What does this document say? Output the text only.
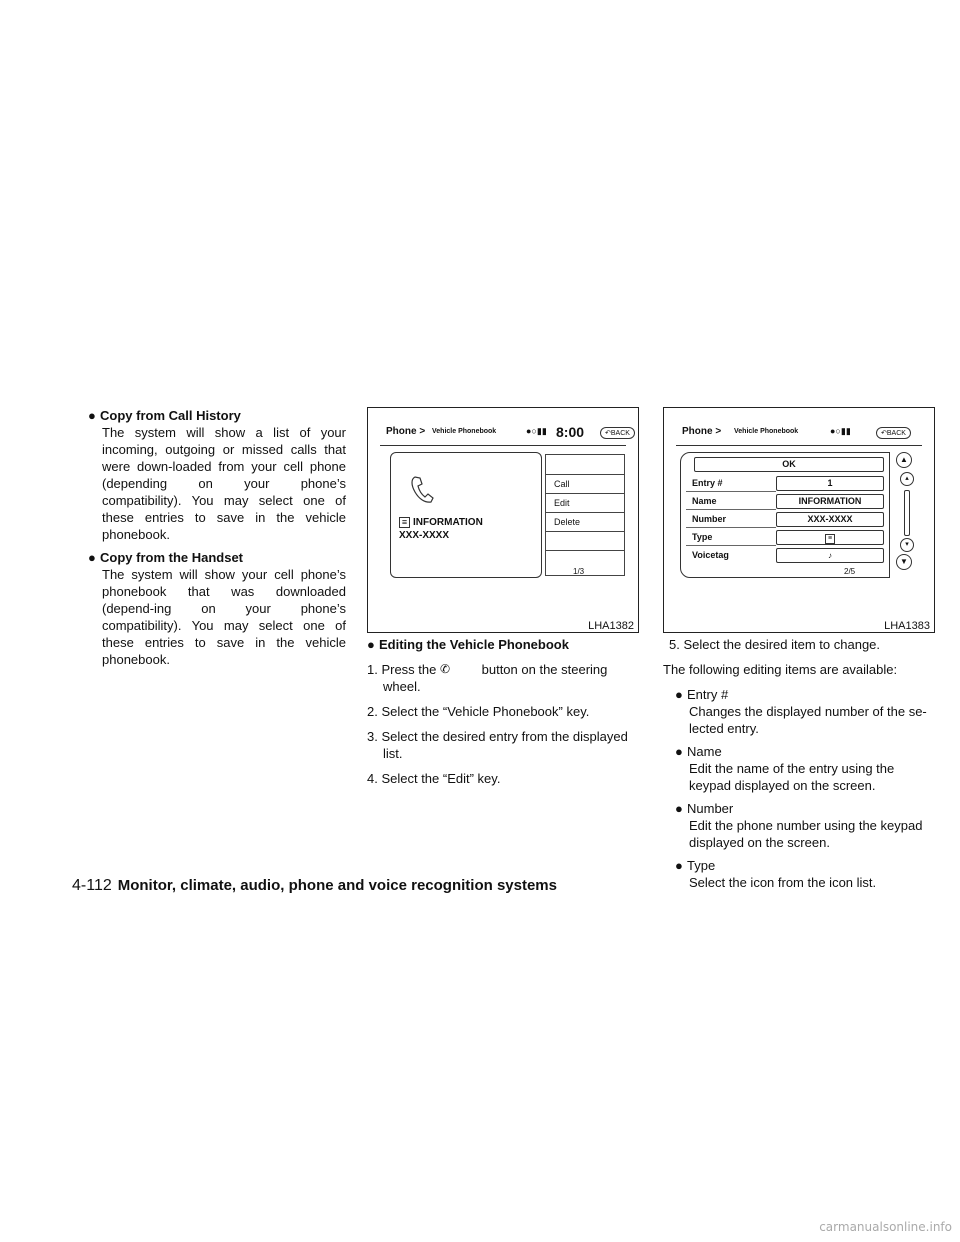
● Copy from Call History
The system will show a list of your incoming, outgoing or missed calls that were down-loaded from your cell phone (depending on your phone’s compatibility). You may select one of these entries to save in the vehicle phonebook.
● Copy from the Handset
The system will show your cell phone’s phonebook that was downloaded (depend-ing on your phone’s compatibility). You may select one of these entries to save in the vehicle phonebook.
Phone > Vehicle Phonebook	●○▮▮ 8:00	↶BACK
≡ INFORMATION
XXX-XXXX
Call
Edit
Delete
1/3
LHA1382
Phone > Vehicle Phonebook	●○▮▮	↶BACK
OK
Entry #	1
Name	INFORMATION
Number	XXX-XXXX
Type	≡
Voicetag	♪
▲
▴
▾
▼
2/5
LHA1383
● Editing the Vehicle Phonebook
1. Press the ✆ button on the steering
wheel.
2. Select the “Vehicle Phonebook” key.
3. Select the desired entry from the displayed
list.
4. Select the “Edit” key.
5. Select the desired item to change.
The following editing items are available:
● Entry #
Changes the displayed number of the se-lected entry.
● Name
Edit the name of the entry using the keypad displayed on the screen.
● Number
Edit the phone number using the keypad displayed on the screen.
● Type
Select the icon from the icon list.
4-112 Monitor, climate, audio, phone and voice recognition systems
carmanualsonline.info
